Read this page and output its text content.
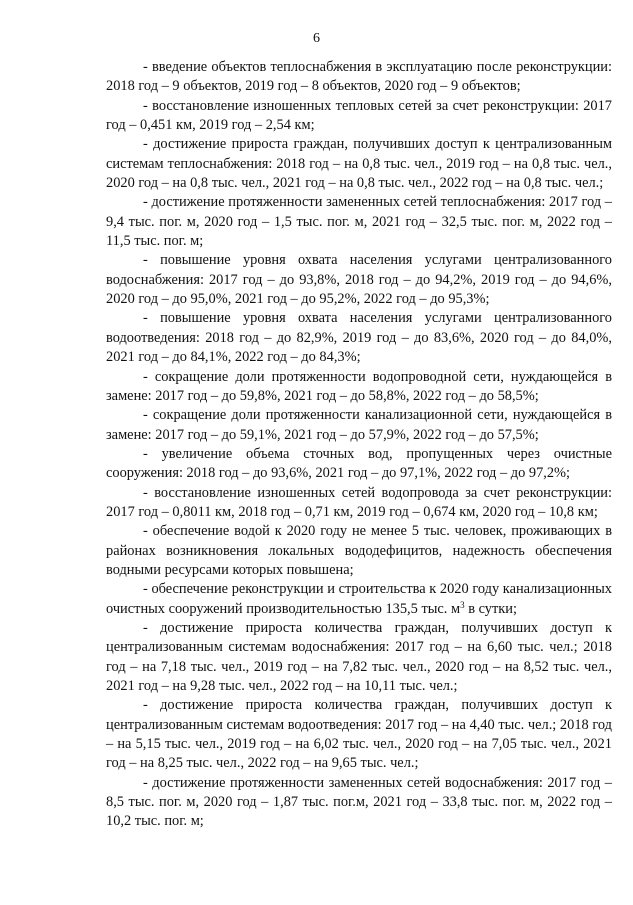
6

- введение объектов теплоснабжения в эксплуатацию после реконструкции: 2018 год – 9 объектов, 2019 год – 8 объектов, 2020 год – 9 объектов;

- восстановление изношенных тепловых сетей за счет реконструкции: 2017 год – 0,451 км, 2019 год – 2,54 км;

- достижение прироста граждан, получивших доступ к централизованным системам теплоснабжения: 2018 год – на 0,8 тыс. чел., 2019 год – на 0,8 тыс. чел., 2020 год – на 0,8 тыс. чел., 2021 год – на 0,8 тыс. чел., 2022 год – на 0,8 тыс. чел.;

- достижение протяженности замененных сетей теплоснабжения: 2017 год – 9,4 тыс. пог. м, 2020 год – 1,5 тыс. пог. м, 2021 год – 32,5 тыс. пог. м, 2022 год – 11,5 тыс. пог. м;

- повышение уровня охвата населения услугами централизованного водоснабжения: 2017 год – до 93,8%, 2018 год – до 94,2%, 2019 год – до 94,6%, 2020 год – до 95,0%, 2021 год – до 95,2%, 2022 год – до 95,3%;

- повышение уровня охвата населения услугами централизованного водоотведения: 2018 год – до 82,9%, 2019 год – до 83,6%, 2020 год – до 84,0%, 2021 год – до 84,1%, 2022 год – до 84,3%;

- сокращение доли протяженности водопроводной сети, нуждающейся в замене: 2017 год – до 59,8%, 2021 год – до 58,8%, 2022 год – до 58,5%;

- сокращение доли протяженности канализационной сети, нуждающейся в замене: 2017 год – до 59,1%, 2021 год – до 57,9%, 2022 год – до 57,5%;

- увеличение объема сточных вод, пропущенных через очистные сооружения: 2018 год – до 93,6%, 2021 год – до 97,1%, 2022 год – до 97,2%;

- восстановление изношенных сетей водопровода за счет реконструкции: 2017 год – 0,8011 км, 2018 год – 0,71 км, 2019 год – 0,674 км, 2020 год – 10,8 км;

- обеспечение водой к 2020 году не менее 5 тыс. человек, проживающих в районах возникновения локальных вододефицитов, надежность обеспечения водными ресурсами которых повышена;

- обеспечение реконструкции и строительства к 2020 году канализационных очистных сооружений производительностью 135,5 тыс. $м^3$ в сутки;

- достижение прироста количества граждан, получивших доступ к централизованным системам водоснабжения: 2017 год – на 6,60 тыс. чел.; 2018 год – на 7,18 тыс. чел., 2019 год – на 7,82 тыс. чел., 2020 год – на 8,52 тыс. чел., 2021 год – на 9,28 тыс. чел., 2022 год – на 10,11 тыс. чел.;

- достижение прироста количества граждан, получивших доступ к централизованным системам водоотведения: 2017 год – на 4,40 тыс. чел.; 2018 год – на 5,15 тыс. чел., 2019 год – на 6,02 тыс. чел., 2020 год – на 7,05 тыс. чел., 2021 год – на 8,25 тыс. чел., 2022 год – на 9,65 тыс. чел.;

- достижение протяженности замененных сетей водоснабжения: 2017 год – 8,5 тыс. пог. м, 2020 год – 1,87 тыс. пог.м, 2021 год – 33,8 тыс. пог. м, 2022 год – 10,2 тыс. пог. м;
